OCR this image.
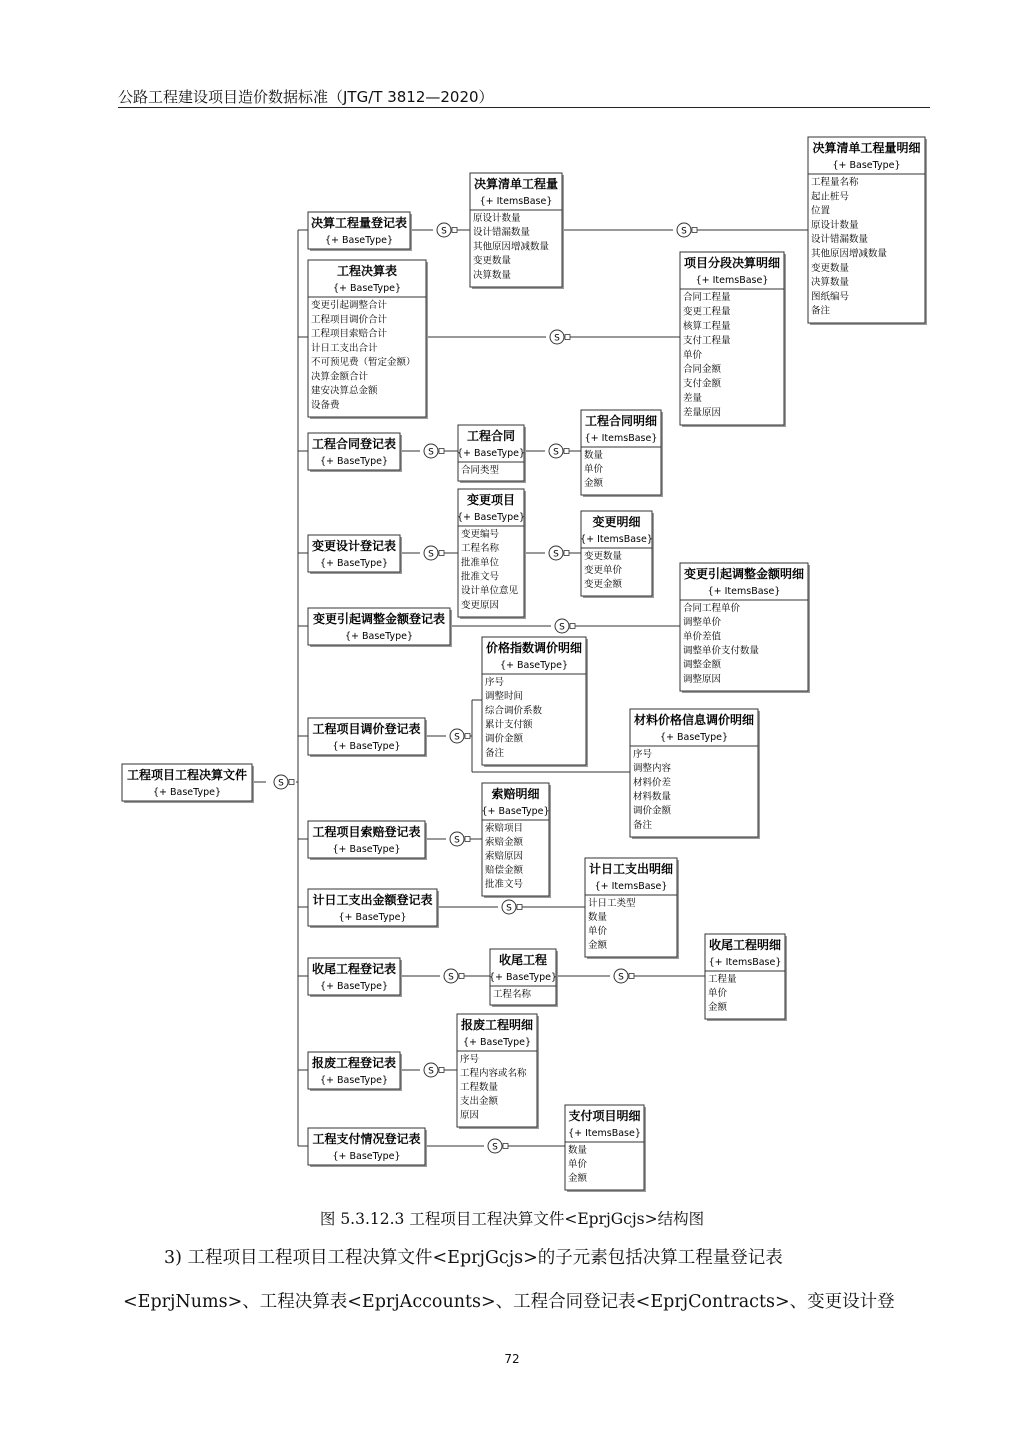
公路工程建设项目造价数据标准（JTG/T 3812—2020）
S
S	S
S
S	S
S	S
S
S
S
S
S	S
S
S
工程项目工程决算文件
{+ BaseType}
决算工程量登记表
{+ BaseType}
决算清单工程量
{+ ItemsBase}
原设计数量
设计错漏数量
其他原因增减数量
变更数量
决算数量
决算清单工程量明细
{+ BaseType}
工程量名称
起止桩号
位置
原设计数量
设计错漏数量
其他原因增减数量
变更数量
决算数量
图纸编号
备注
工程决算表
{+ BaseType}
变更引起调整合计
工程项目调价合计
工程项目索赔合计
计日工支出合计
不可预见费（暂定金额）
决算金额合计
建安决算总金额
设备费
项目分段决算明细
{+ ItemsBase}
合同工程量
变更工程量
核算工程量
支付工程量
单价
合同金额
支付金额
差量
差量原因
工程合同登记表
{+ BaseType}
工程合同
{+ BaseType}
合同类型
工程合同明细
{+ ItemsBase}
数量
单价
金额
变更设计登记表
{+ BaseType}
变更项目
{+ BaseType}
变更编号
工程名称
批准单位
批准文号
设计单位意见
变更原因
变更明细
{+ ItemsBase}
变更数量
变更单价
变更金额
变更引起调整金额登记表
{+ BaseType}
变更引起调整金额明细
{+ ItemsBase}
合同工程单价
调整单价
单价差值
调整单价支付数量
调整金额
调整原因
工程项目调价登记表
{+ BaseType}
价格指数调价明细
{+ BaseType}
序号
调整时间
综合调价系数
累计支付额
调价金额
备注
材料价格信息调价明细
{+ BaseType}
序号
调整内容
材料价差
材料数量
调价金额
备注
工程项目索赔登记表
{+ BaseType}
索赔明细
{+ BaseType}
索赔项目
索赔金额
索赔原因
赔偿金额
批准文号
计日工支出金额登记表
{+ BaseType}
计日工支出明细
{+ ItemsBase}
计日工类型
数量
单价
金额
收尾工程登记表
{+ BaseType}
收尾工程
{+ BaseType}
工程名称
收尾工程明细
{+ ItemsBase}
工程量
单价
金额
报废工程登记表
{+ BaseType}
报废工程明细
{+ BaseType}
序号
工程内容或名称
工程数量
支出金额
原因
工程支付情况登记表
{+ BaseType}
支付项目明细
{+ ItemsBase}
数量
单价
金额
图 5.3.12.3 工程项目工程决算文件<EprjGcjs>结构图
3) 工程项目工程项目工程决算文件<EprjGcjs>的子元素包括决算工程量登记表
<EprjNums>、工程决算表<EprjAccounts>、工程合同登记表<EprjContracts>、变更设计登
72
